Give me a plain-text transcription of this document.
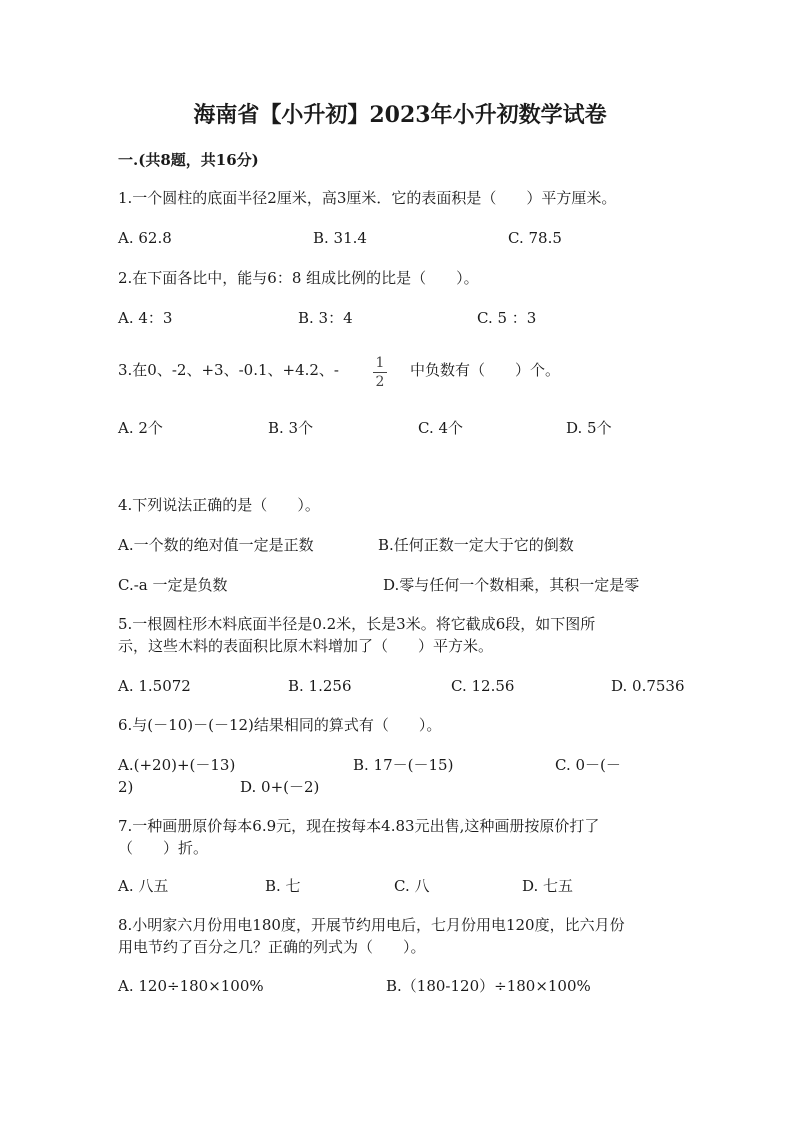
海南省【小升初】2023年小升初数学试卷
一.(共8题，共16分)
1.一个圆柱的底面半径2厘米，高3厘米．它的表面积是（　　）平方厘米。
A. 62.8	B. 31.4	C. 78.5
2.在下面各比中，能与6：8 组成比例的比是（　　）。
A. 4：3	B. 3：4	C. 5 ：3
3.在0、-2、+3、-0.1、+4.2、-	1
2
中负数有（　　）个。
A. 2个	B. 3个	C. 4个	D. 5个
4.下列说法正确的是（　　）。
A.一个数的绝对值一定是正数	B.任何正数一定大于它的倒数
C.-a 一定是负数	D.零与任何一个数相乘，其积一定是零
5.一根圆柱形木料底面半径是0.2米，长是3米。将它截成6段，如下图所
示，这些木料的表面积比原木料增加了（　　）平方米。
A. 1.5072	B. 1.256	C. 12.56	D. 0.7536
6.与(－10)－(－12)结果相同的算式有（　　）。
A.(+20)+(－13)	B. 17－(－15)	C. 0－(－
2)	D. 0+(－2)
7.一种画册原价每本6.9元，现在按每本4.83元出售,这种画册按原价打了
（　　）折。
A. 八五	B. 七	C. 八	D. 七五
8.小明家六月份用电180度，开展节约用电后，七月份用电120度，比六月份
用电节约了百分之几？正确的列式为（　　）。
A. 120÷180×100%	B.（180-120）÷180×100%
